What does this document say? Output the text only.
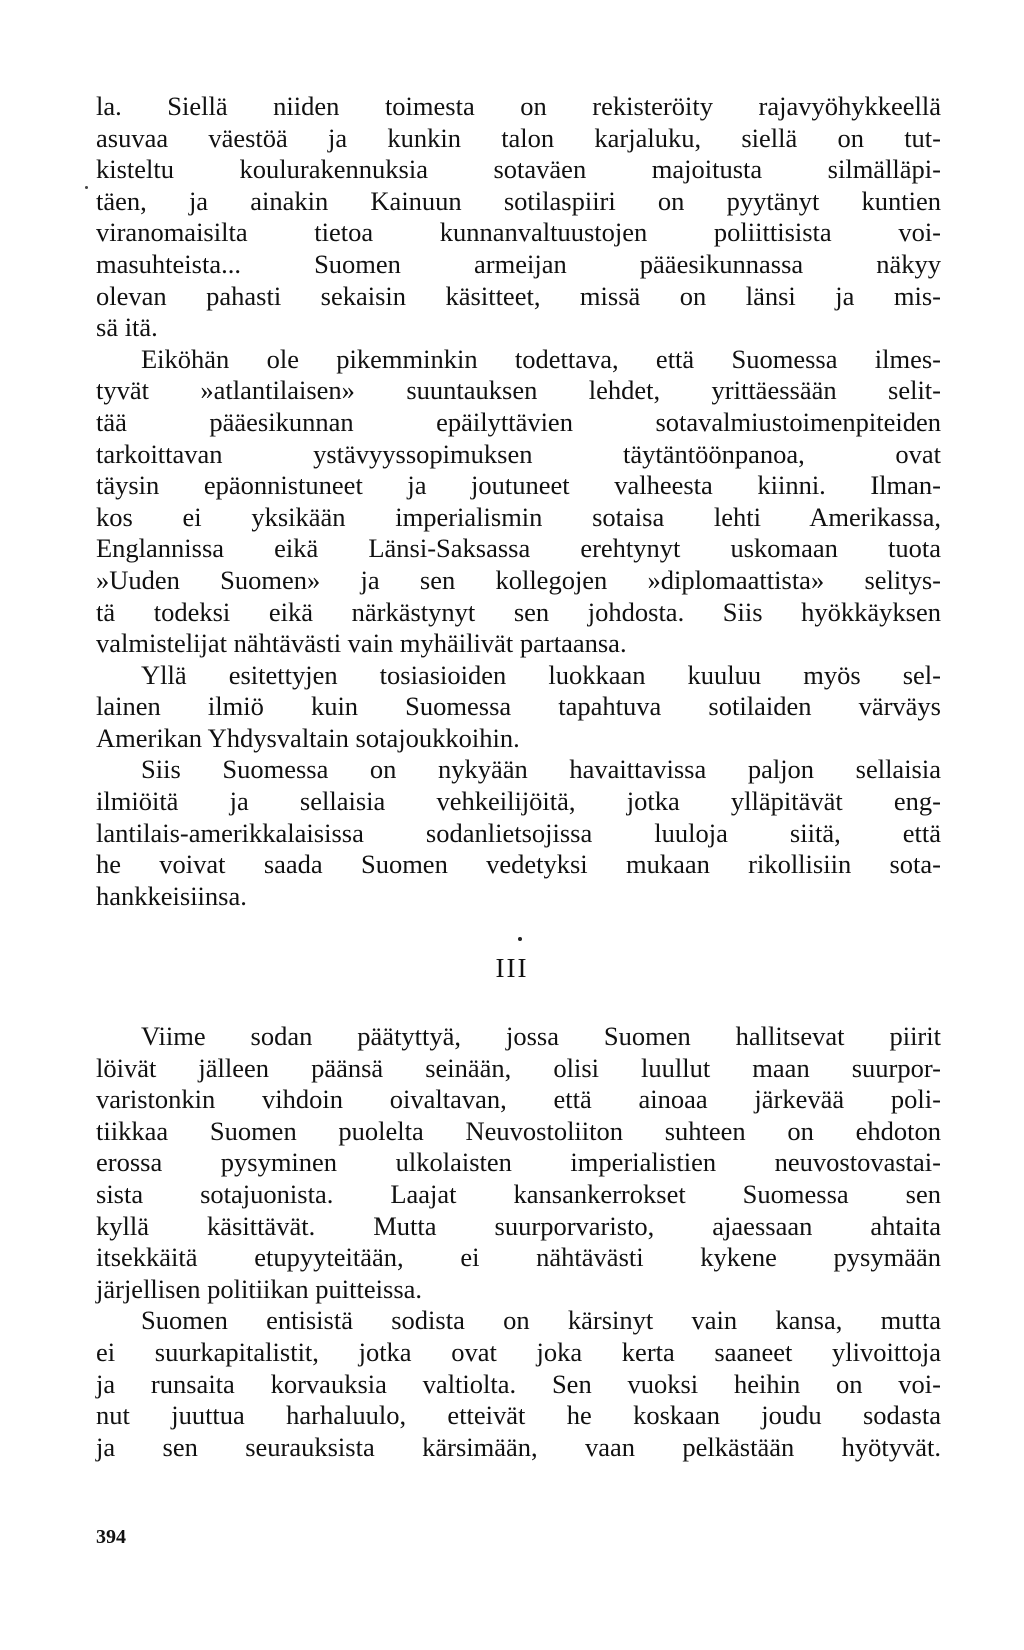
la. Siellä niiden toimesta on rekisteröity rajavyöhykkeellä
asuvaa väestöä ja kunkin talon karjaluku, siellä on tut-
kisteltu koulurakennuksia sotaväen majoitusta silmälläpi-
täen, ja ainakin Kainuun sotilaspiiri on pyytänyt kuntien
viranomaisilta tietoa kunnanvaltuustojen poliittisista voi-
masuhteista... Suomen armeijan pääesikunnassa näkyy
olevan pahasti sekaisin käsitteet, missä on länsi ja mis-
sä itä.
Eiköhän ole pikemminkin todettava, että Suomessa ilmes-
tyvät »atlantilaisen» suuntauksen lehdet, yrittäessään selit-
tää pääesikunnan epäilyttävien sotavalmiustoimenpiteiden
tarkoittavan ystävyyssopimuksen täytäntöönpanoa, ovat
täysin epäonnistuneet ja joutuneet valheesta kiinni. Ilman-
kos ei yksikään imperialismin sotaisa lehti Amerikassa,
Englannissa eikä Länsi-Saksassa erehtynyt uskomaan tuota
»Uuden Suomen» ja sen kollegojen »diplomaattista» selitys-
tä todeksi eikä närkästynyt sen johdosta. Siis hyökkäyksen
valmistelijat nähtävästi vain myhäilivät partaansa.
Yllä esitettyjen tosiasioiden luokkaan kuuluu myös sel-
lainen ilmiö kuin Suomessa tapahtuva sotilaiden värväys
Amerikan Yhdysvaltain sotajoukkoihin.
Siis Suomessa on nykyään havaittavissa paljon sellaisia
ilmiöitä ja sellaisia vehkeilijöitä, jotka ylläpitävät eng-
lantilais-amerikkalaisissa sodanlietsojissa luuloja siitä, että
he voivat saada Suomen vedetyksi mukaan rikollisiin sota-
hankkeisiinsa.
III
Viime sodan päätyttyä, jossa Suomen hallitsevat piirit
löivät jälleen päänsä seinään, olisi luullut maan suurpor-
varistonkin vihdoin oivaltavan, että ainoaa järkevää poli-
tiikkaa Suomen puolelta Neuvostoliiton suhteen on ehdoton
erossa pysyminen ulkolaisten imperialistien neuvostovastai-
sista sotajuonista. Laajat kansankerrokset Suomessa sen
kyllä käsittävät. Mutta suurporvaristo, ajaessaan ahtaita
itsekkäitä etupyyteitään, ei nähtävästi kykene pysymään
järjellisen politiikan puitteissa.
Suomen entisistä sodista on kärsinyt vain kansa, mutta
ei suurkapitalistit, jotka ovat joka kerta saaneet ylivoittoja
ja runsaita korvauksia valtiolta. Sen vuoksi heihin on voi-
nut juuttua harhaluulo, etteivät he koskaan joudu sodasta
ja sen seurauksista kärsimään, vaan pelkästään hyötyvät.
394
